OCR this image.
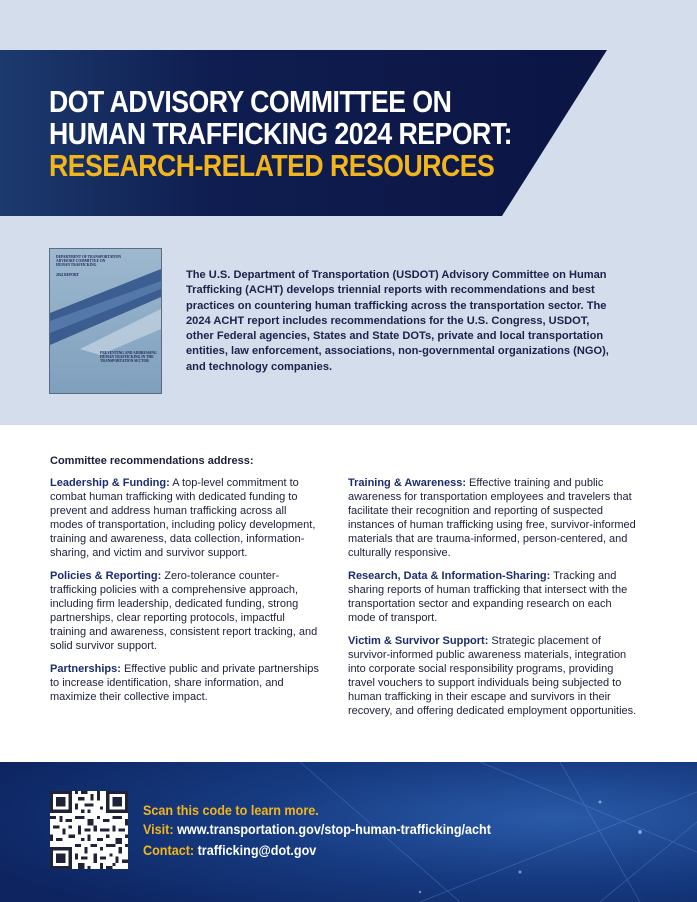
DOT ADVISORY COMMITTEE ON
HUMAN TRAFFICKING 2024 REPORT:
RESEARCH-RELATED RESOURCES
DEPARTMENT OF TRANSPORTATION
ADVISORY COMMITTEE ON
HUMAN TRAFFICKING
2024 REPORT
PREVENTING AND ADDRESSING
HUMAN TRAFFICKING IN THE
TRANSPORTATION SECTOR
The U.S. Department of Transportation (USDOT) Advisory Committee on Human Trafficking (ACHT) develops triennial reports with recommendations and best practices on countering human trafficking across the transportation sector. The 2024 ACHT report includes recommendations for the U.S. Congress, USDOT, other Federal agencies, States and State DOTs, private and local transportation entities, law enforcement, associations, non-governmental organizations (NGO), and technology companies.
Committee recommendations address:
Leadership & Funding: A top-level commitment to combat human trafficking with dedicated funding to prevent and address human trafficking across all modes of transportation, including policy development, training and awareness, data collection, information-sharing, and victim and survivor support.
Policies & Reporting: Zero-tolerance counter-trafficking policies with a comprehensive approach, including firm leadership, dedicated funding, strong partnerships, clear reporting protocols, impactful training and awareness, consistent report tracking, and solid survivor support.
Partnerships: Effective public and private partnerships to increase identification, share information, and maximize their collective impact.
Training & Awareness: Effective training and public awareness for transportation employees and travelers that facilitate their recognition and reporting of suspected instances of human trafficking using free, survivor-informed materials that are trauma-informed, person-centered, and culturally responsive.
Research, Data & Information-Sharing: Tracking and sharing reports of human trafficking that intersect with the transportation sector and expanding research on each mode of transport.
Victim & Survivor Support: Strategic placement of survivor-informed public awareness materials, integration into corporate social responsibility programs, providing travel vouchers to support individuals being subjected to human trafficking in their escape and survivors in their recovery, and offering dedicated employment opportunities.
Scan this code to learn more.
Visit: www.transportation.gov/stop-human-trafficking/acht
Contact: trafficking@dot.gov
